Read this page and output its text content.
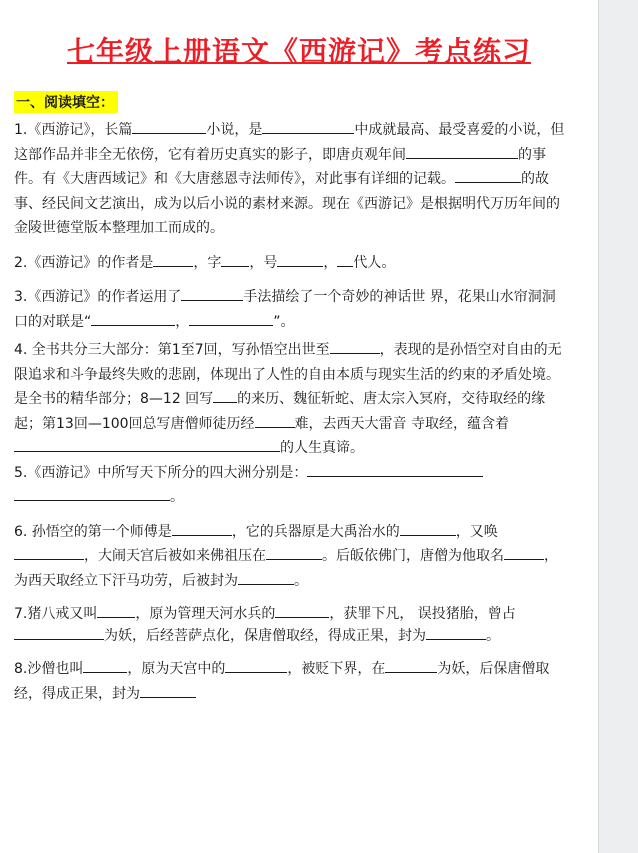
七年级上册语文《西游记》考点练习
一、阅读填空：

1.《西游记》，长篇	小说，是	中成就最高、最受喜爱的小说，但这部作品并非全无依傍，它有着历史真实的影子，即唐贞观年间	的事件。有《大唐西域记》和《大唐慈恩寺法师传》，对此事有详细的记载。	的故事、经民间文艺演出，成为以后小说的素材来源。现在《西游记》是根据明代万历年间的金陵世德堂版本整理加工而成的。

2.《西游记》的作者是	，字 ，号	， 代人。

3.《西游记》的作者运用了	手法描绘了一个奇妙的神话世 界，花果山水帘洞洞口的对联是“	，	”。

4. 全书共分三大部分：第1至7回，写孙悟空出世至	，表现的是孙悟空对自由的无限追求和斗争最终失败的悲剧，体现出了人性的自由本质与现实生活的约束的矛盾处境。是全书的精华部分；8—12 回写 的来历、魏征斩蛇、唐太宗入冥府，交待取经的缘起；第13回—100回总写唐僧师徒历经	难，去西天大雷音 寺取经，蕴含着的人生真谛。

5.《西游记》中所写天下所分的四大洲分别是：。

6. 孙悟空的第一个师傅是	，它的兵器原是大禹治水的	，又唤，大闹天宫后被如来佛祖压在	。后皈依佛门，唐僧为他取名	，为西天取经立下汗马功劳，后被封为	。

7.猪八戒又叫	，原为管理天河水兵的	，获罪下凡， 误投猪胎，曾占为妖，后经菩萨点化，保唐僧取经，得成正果，封为	。

8.沙僧也叫	，原为天宫中的	，被贬下界，在	为妖，后保唐僧取经，得成正果，封为
